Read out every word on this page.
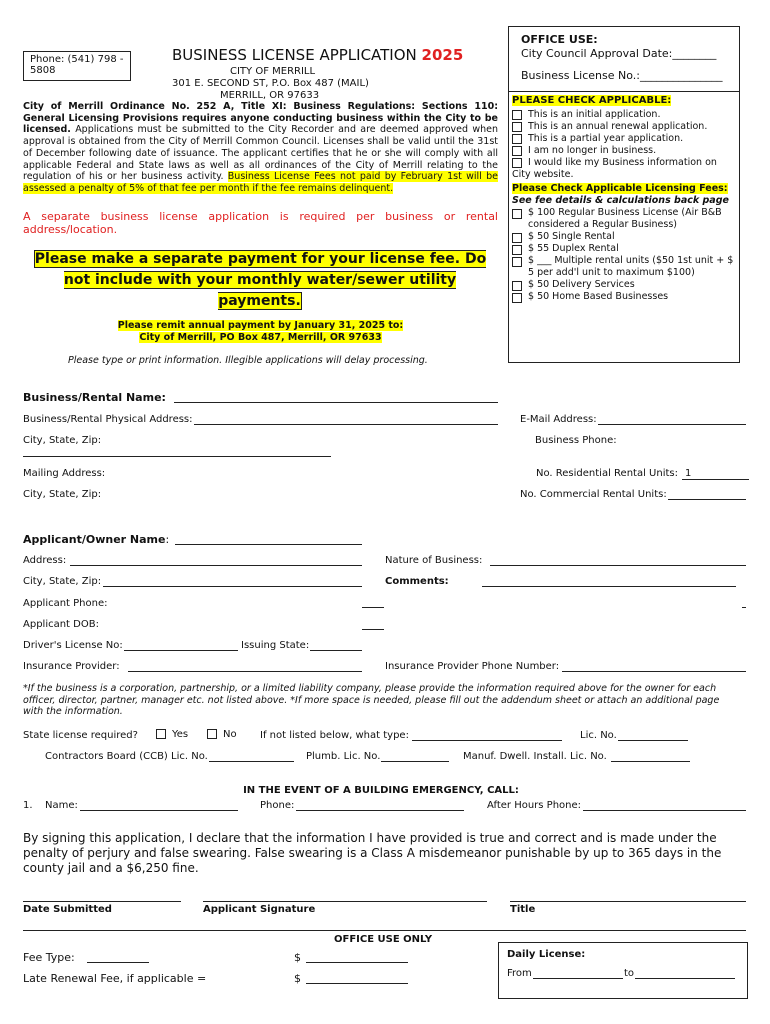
Phone: (541) 798 - 5808
BUSINESS LICENSE APPLICATION 2025
CITY OF MERRILL
301 E. SECOND ST, P.O. Box 487 (MAIL)
MERRILL, OR 97633
OFFICE USE:
City Council Approval Date:________
Business License No.:_______________
City of Merrill Ordinance No. 252 A, Title XI: Business Regulations: Sections 110: General Licensing Provisions requires anyone conducting business within the City to be licensed. Applications must be submitted to the City Recorder and are deemed approved when approval is obtained from the City of Merrill Common Council. Licenses shall be valid until the 31st of December following date of issuance. The applicant certifies that he or she will comply with all applicable Federal and State laws as well as all ordinances of the City of Merrill relating to the regulation of his or her business activity. Business License Fees not paid by February 1st will be assessed a penalty of 5% of that fee per month if the fee remains delinquent.
A separate business license application is required per business or rental address/location.
Please make a separate payment for your license fee. Do not include with your monthly water/sewer utility payments.
Please remit annual payment by January 31, 2025 to:
City of Merrill, PO Box 487, Merrill, OR 97633
Please type or print information. Illegible applications will delay processing.
PLEASE CHECK APPLICABLE:
This is an initial application.
This is an annual renewal application.
This is a partial year application.
I am no longer in business.
I would like my Business information on City website.
Please Check Applicable Licensing Fees:
See fee details & calculations back page
$ 100 Regular Business License (Air B&B considered a Regular Business)
$ 50 Single Rental
$ 55 Duplex Rental
$ ___ Multiple rental units ($50 1st unit + $ 5 per add'l unit to maximum $100)
$ 50 Delivery Services
$ 50 Home Based Businesses
Business/Rental Name:
Business/Rental Physical Address:	E-Mail Address:
City, State, Zip:	Business Phone:
Mailing Address:	No. Residential Rental Units: 1
City, State, Zip:	No. Commercial Rental Units:
Applicant/Owner Name:
Address:	Nature of Business:
City, State, Zip:	Comments:
Applicant Phone:
Applicant DOB:
Driver's License No:	Issuing State:
Insurance Provider:	Insurance Provider Phone Number:
*If the business is a corporation, partnership, or a limited liability company, please provide the information required above for the owner for each officer, director, partner, manager etc. not listed above. *If more space is needed, please fill out the addendum sheet or attach an additional page with the information.
State license required?	Yes	No If not listed below, what type:	Lic. No.
Contractors Board (CCB) Lic. No.	Plumb. Lic. No.	Manuf. Dwell. Install. Lic. No.
IN THE EVENT OF A BUILDING EMERGENCY, CALL:
1. Name:	Phone:	After Hours Phone:
By signing this application, I declare that the information I have provided is true and correct and is made under the penalty of perjury and false swearing. False swearing is a Class A misdemeanor punishable by up to 365 days in the county jail and a $6,250 fine.
Date Submitted	Applicant Signature	Title
OFFICE USE ONLY
Fee Type:	$
Late Renewal Fee, if applicable =	$
Daily License:
From	to
